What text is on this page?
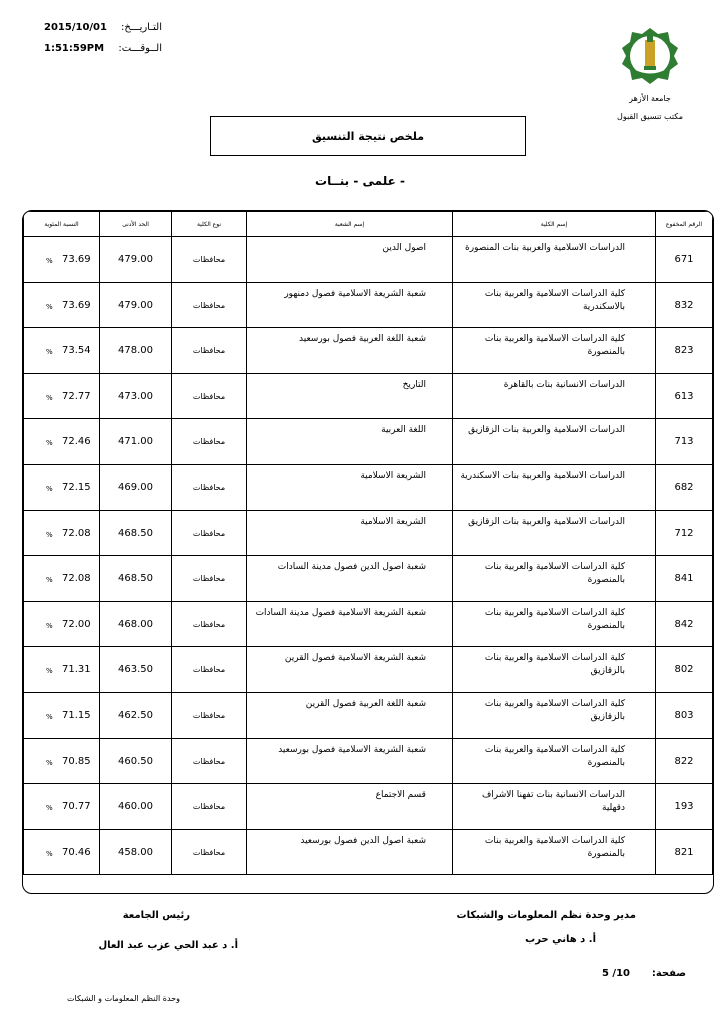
2015/10/01	التـاريـــخ:
1:51:59PM	الــوقـــت:
جامعة الأزهر
مكتب تنسيق القبول
ملخص نتيجة التنسيق
- علمى - بنــات
النسبة المئوية	الحد الأدنى	نوع الكلية	إسم الشعبة	إسم الكلية	الرقم المخفوع

% 73.69	479.00	محافظات	اصول الدين	الدراسات الاسلامية والعربية بنات المنصورة	671

% 73.69	479.00	محافظات	شعبة الشريعة الاسلامية فصول دمنهور	كلية الدراسات الاسلامية والعربية بنات بالاسكندرية	832

% 73.54	478.00	محافظات	شعبة اللغة العربية فصول بورسعيد	كلية الدراسات الاسلامية والعربية بنات بالمنصورة	823

% 72.77	473.00	محافظات	التاريخ	الدراسات الانسانية بنات بالقاهرة	613

% 72.46	471.00	محافظات	اللغة العربية	الدراسات الاسلامية والعربية بنات الزقازيق	713

% 72.15	469.00	محافظات	الشريعة الاسلامية	الدراسات الاسلامية والعربية بنات الاسكندرية	682

% 72.08	468.50	محافظات	الشريعة الاسلامية	الدراسات الاسلامية والعربية بنات الزقازيق	712

% 72.08	468.50	محافظات	شعبة اصول الدين فصول مدينة السادات	كلية الدراسات الاسلامية والعربية بنات بالمنصورة	841

% 72.00	468.00	محافظات	شعبة الشريعة الاسلامية فصول مدينة السادات	كلية الدراسات الاسلامية والعربية بنات بالمنصورة	842

% 71.31	463.50	محافظات	شعبة الشريعة الاسلامية فصول القرين	كلية الدراسات الاسلامية والعربية بنات بالزقازيق	802

% 71.15	462.50	محافظات	شعبة اللغة العربية فصول القرين	كلية الدراسات الاسلامية والعربية بنات بالزقازيق	803

% 70.85	460.50	محافظات	شعبة الشريعة الاسلامية فصول بورسعيد	كلية الدراسات الاسلامية والعربية بنات بالمنصورة	822

% 70.77	460.00	محافظات	قسم الاجتماع	الدراسات الانسانية بنات تفهنا الاشراف دقهلية	193

% 70.46	458.00	محافظات	شعبة اصول الدين فصول بورسعيد	كلية الدراسات الاسلامية والعربية بنات بالمنصورة	821
مدير وحدة نظم المعلومات والشبكات
أ. د هاني حرب
رئيس الجامعة
أ. د عبد الحي عزب عبد العال
صفحة:
5 /10
وحدة النظم المعلومات و الشبكات
